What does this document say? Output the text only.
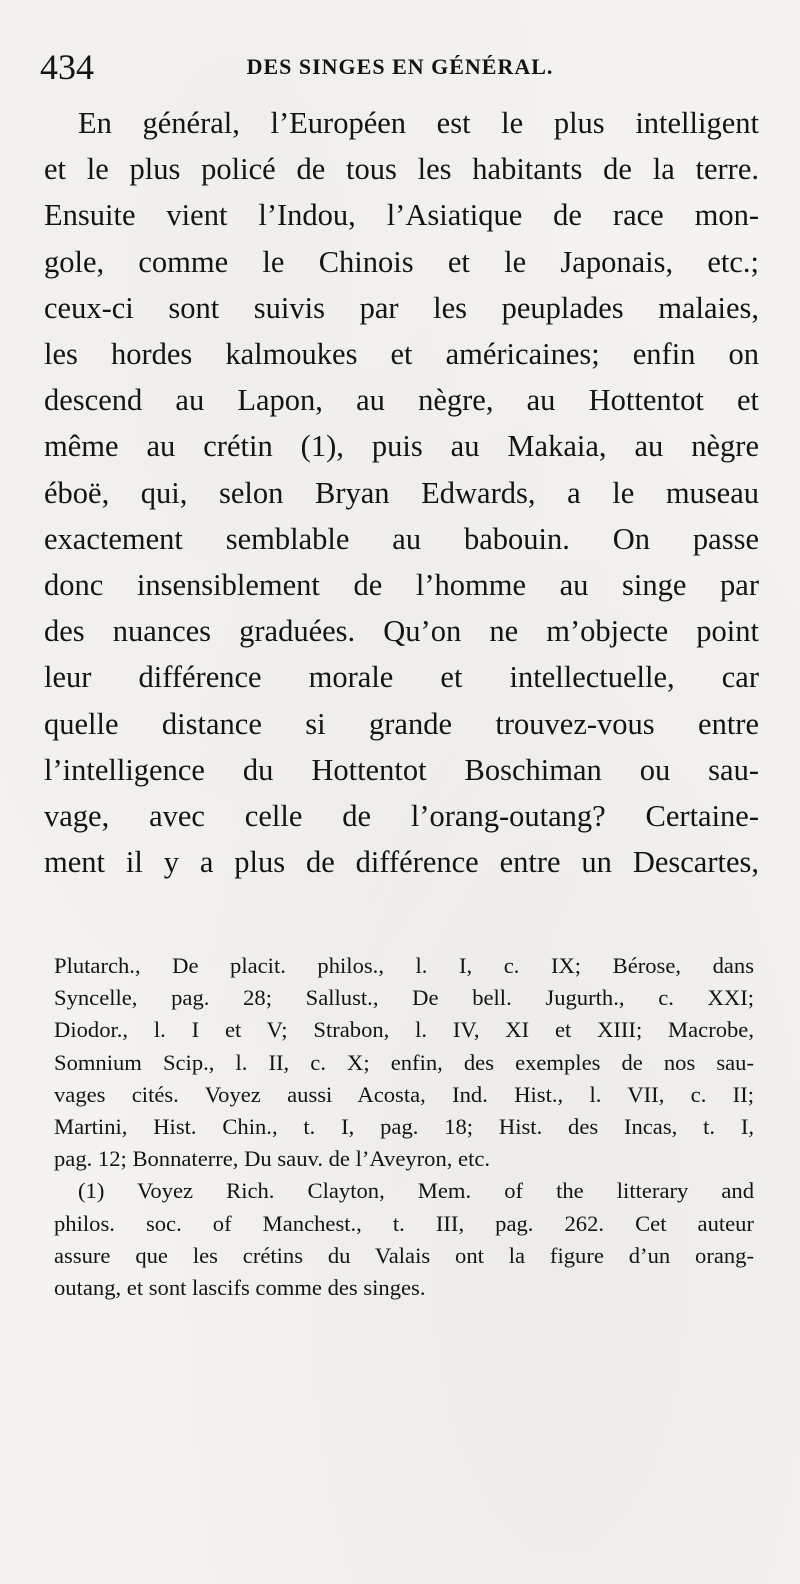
434	DES SINGES EN GÉNÉRAL.
En général, l’Européen est le plus intelligent
et le plus policé de tous les habitants de la terre.
Ensuite vient l’Indou, l’Asiatique de race mon-
gole, comme le Chinois et le Japonais, etc.;
ceux-ci sont suivis par les peuplades malaies,
les hordes kalmoukes et américaines; enfin on
descend au Lapon, au nègre, au Hottentot et
même au crétin (1), puis au Makaia, au nègre
éboë, qui, selon Bryan Edwards, a le museau
exactement semblable au babouin. On passe
donc insensiblement de l’homme au singe par
des nuances graduées. Qu’on ne m’objecte point
leur différence morale et intellectuelle, car
quelle distance si grande trouvez-vous entre
l’intelligence du Hottentot Boschiman ou sau-
vage, avec celle de l’orang-outang? Certaine-
ment il y a plus de différence entre un Descartes,
Plutarch., De placit. philos., l. I, c. IX; Bérose, dans
Syncelle, pag. 28; Sallust., De bell. Jugurth., c. XXI;
Diodor., l. I et V; Strabon, l. IV, XI et XIII; Macrobe,
Somnium Scip., l. II, c. X; enfin, des exemples de nos sau-
vages cités. Voyez aussi Acosta, Ind. Hist., l. VII, c. II;
Martini, Hist. Chin., t. I, pag. 18; Hist. des Incas, t. I,
pag. 12; Bonnaterre, Du sauv. de l’Aveyron, etc.
(1) Voyez Rich. Clayton, Mem. of the litterary and
philos. soc. of Manchest., t. III, pag. 262. Cet auteur
assure que les crétins du Valais ont la figure d’un orang-
outang, et sont lascifs comme des singes.
